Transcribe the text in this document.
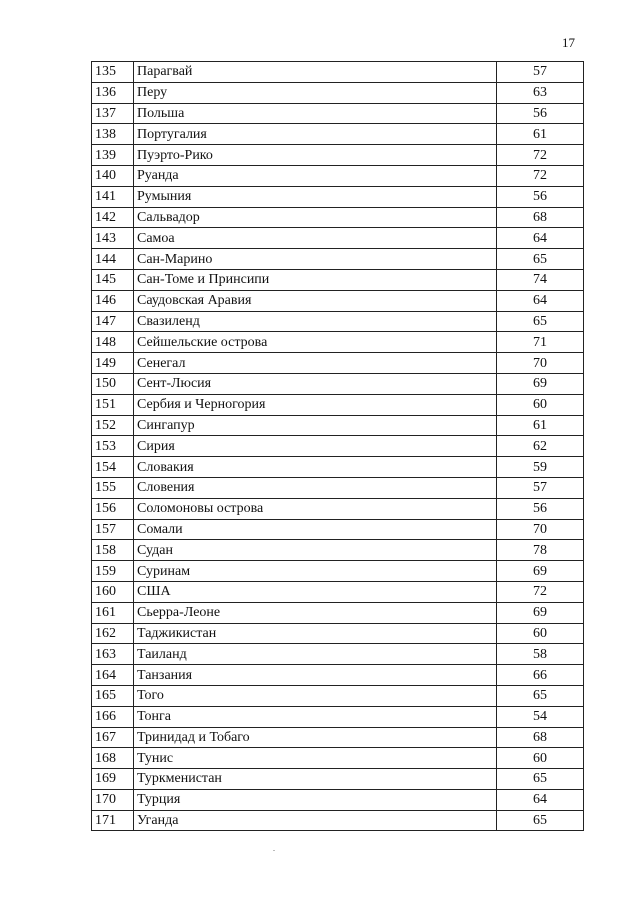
17
135	Парагвай	57
136	Перу	63
137	Польша	56
138	Португалия	61
139	Пуэрто-Рико	72
140	Руанда	72
141	Румыния	56
142	Сальвадор	68
143	Самоа	64
144	Сан-Марино	65
145	Сан-Томе и Принсипи	74
146	Саудовская Аравия	64
147	Свазиленд	65
148	Сейшельские острова	71
149	Сенегал	70
150	Сент-Люсия	69
151	Сербия и Черногория	60
152	Сингапур	61
153	Сирия	62
154	Словакия	59
155	Словения	57
156	Соломоновы острова	56
157	Сомали	70
158	Судан	78
159	Суринам	69
160	США	72
161	Сьерра-Леоне	69
162	Таджикистан	60
163	Таиланд	58
164	Танзания	66
165	Того	65
166	Тонга	54
167	Тринидад и Тобаго	68
168	Тунис	60
169	Туркменистан	65
170	Турция	64
171	Уганда	65
